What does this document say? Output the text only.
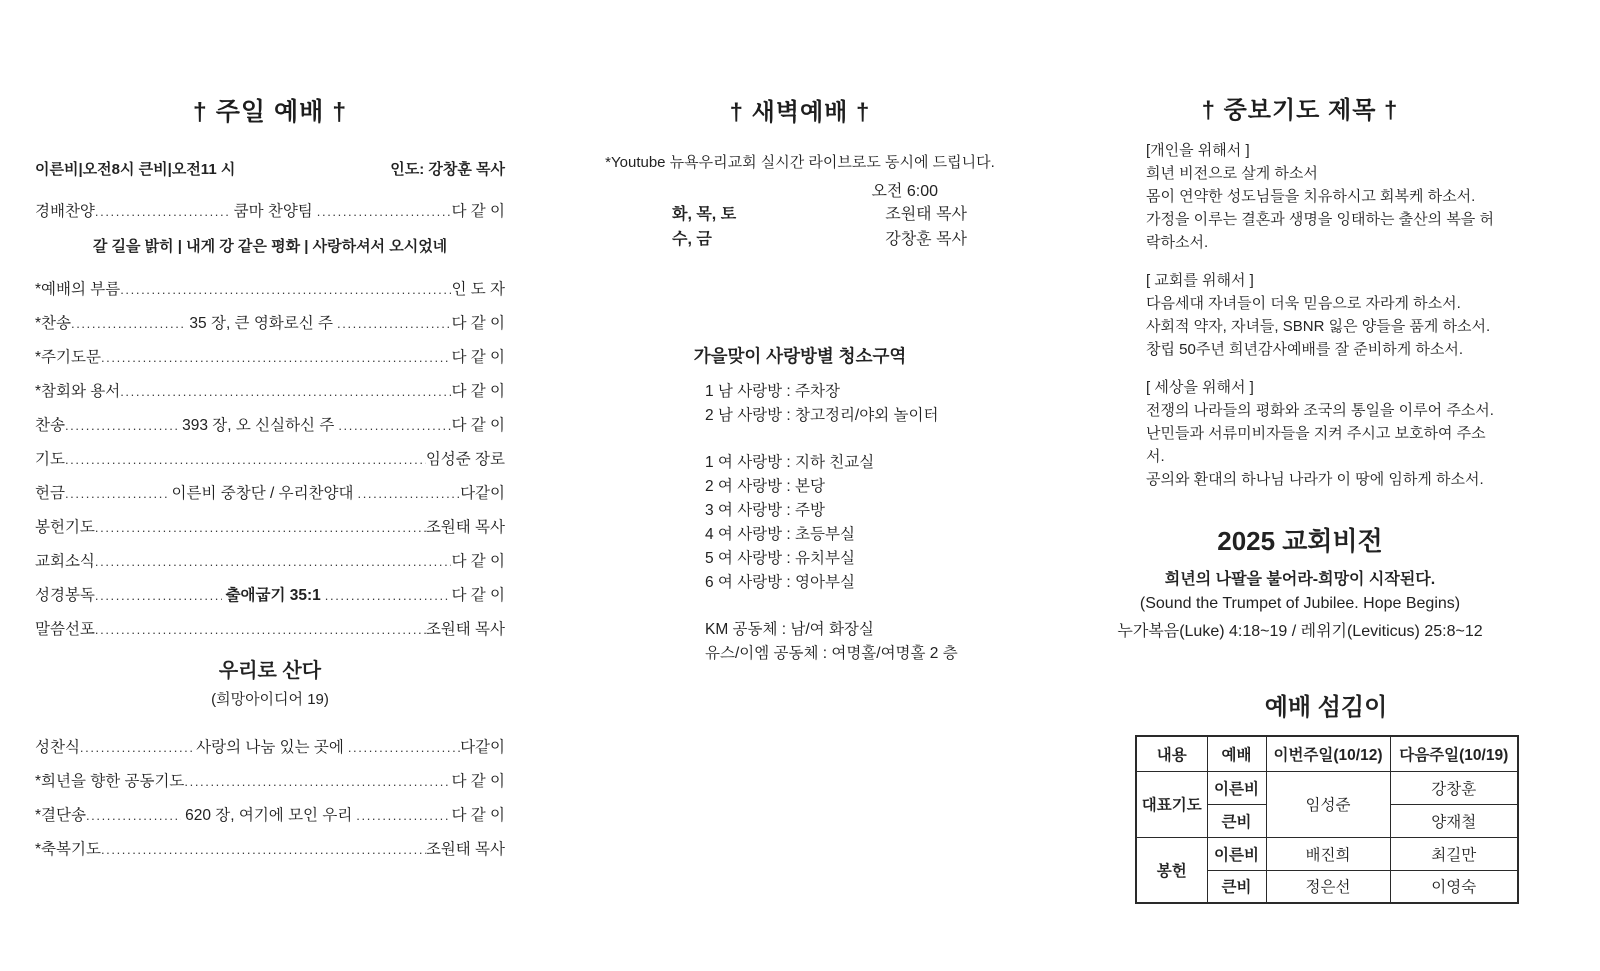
† 주일 예배 †
이른비|오전8시 큰비|오전11 시	인도: 강창훈 목사
경배찬양 .....	쿰마 찬양팀 .....	다 같 이
갈 길을 밝히 | 내게 강 같은 평화 | 사랑하셔서 오시었네
*예배의 부름 .....	인 도 자
*찬송 .....	35 장, 큰 영화로신 주 .....	다 같 이
*주기도문 .....	다 같 이
*참회와 용서 .....	다 같 이
찬송 .....	393 장, 오 신실하신 주 .....	다 같 이
기도 .....	임성준 장로
헌금 .....	이른비 중창단 / 우리찬양대 .....	다같이
봉헌기도 .....	조원태 목사
교회소식 .....	다 같 이
성경봉독 .....	출애굽기 35:1 .....	다 같 이
말씀선포 .....	조원태 목사
우리로 산다
(희망아이디어 19)
성찬식 .....	사랑의 나눔 있는 곳에 .....	다같이
*희년을 향한 공동기도 .....	다 같 이
*결단송 .....	620 장, 여기에 모인 우리 .....	다 같 이
*축복기도 .....	조원태 목사
† 새벽예배 †
*Youtube 뉴욕우리교회 실시간 라이브로도 동시에 드립니다.
오전 6:00
화, 목, 토	조원태 목사
수, 금	강창훈 목사
가을맞이 사랑방별 청소구역
1 남 사랑방 : 주차장
2 남 사랑방 : 창고정리/야외 놀이터
1 여 사랑방 : 지하 친교실
2 여 사랑방 : 본당
3 여 사랑방 : 주방
4 여 사랑방 : 초등부실
5 여 사랑방 : 유치부실
6 여 사랑방 : 영아부실
KM 공동체 : 남/여 화장실
유스/이엠 공동체 : 여명홀/여명홀 2 층
† 중보기도 제목 †
[개인을 위해서 ]
희년 비전으로 살게 하소서
몸이 연약한 성도님들을 치유하시고 회복케 하소서.
가정을 이루는 결혼과 생명을 잉태하는 출산의 복을 허락하소서.
[ 교회를 위해서 ]
다음세대 자녀들이 더욱 믿음으로 자라게 하소서.
사회적 약자, 자녀들, SBNR 잃은 양들을 품게 하소서.
창립 50주년 희년감사예배를 잘 준비하게 하소서.
[ 세상을 위해서 ]
전쟁의 나라들의 평화와 조국의 통일을 이루어 주소서.
난민들과 서류미비자들을 지켜 주시고 보호하여 주소서.
공의와 환대의 하나님 나라가 이 땅에 임하게 하소서.
2025 교회비전
희년의 나팔을 불어라-희망이 시작된다.
(Sound the Trumpet of Jubilee. Hope Begins)
누가복음(Luke) 4:18~19 / 레위기(Leviticus) 25:8~12
예배 섬김이
내용	예배	이번주일(10/12)	다음주일(10/19)
대표기도	이른비	임성준	강창훈
	큰비		양재철
봉헌	이른비	배진희	최길만
	큰비	정은선	이영숙
